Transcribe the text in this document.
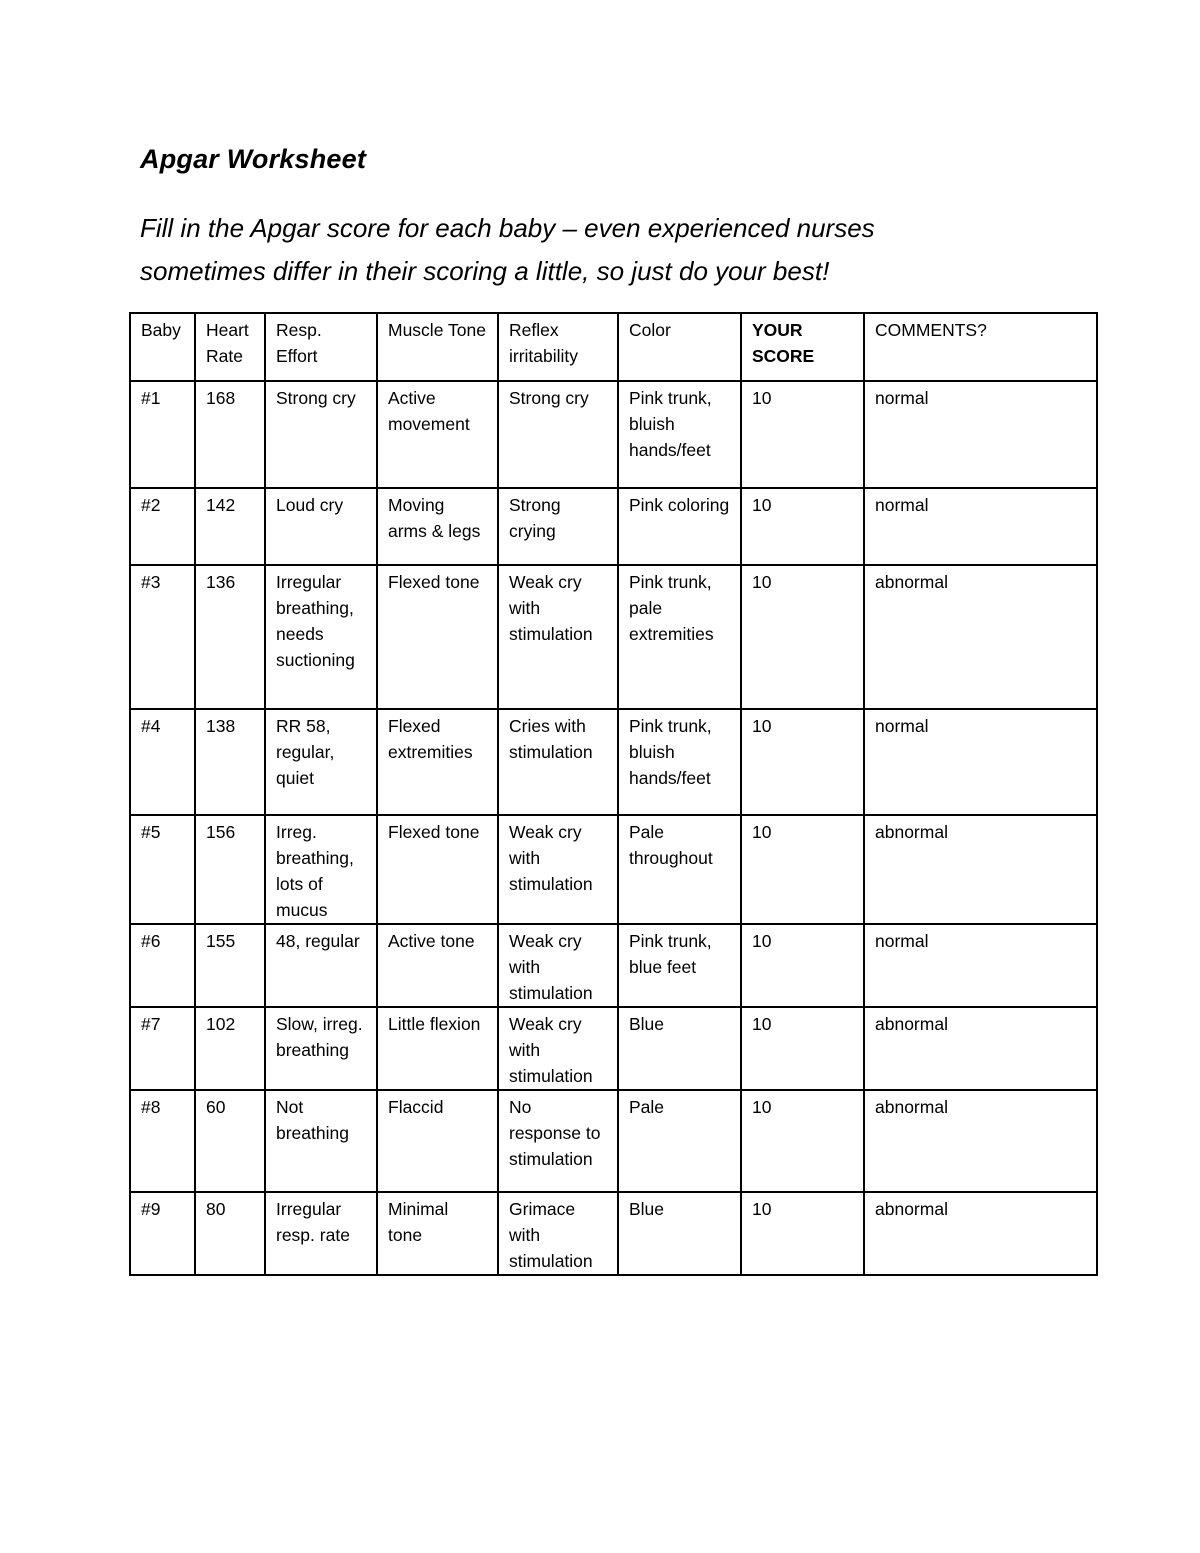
Apgar Worksheet
Fill in the Apgar score for each baby – even experienced nurses
sometimes differ in their scoring a little, so just do your best!
Baby	Heart Rate	Resp. Effort	Muscle Tone	Reflex irritability	Color	YOUR SCORE	COMMENTS?
#1	168	Strong cry	Active movement	Strong cry	Pink trunk, bluish hands/feet	10	normal
#2	142	Loud cry	Moving arms & legs	Strong crying	Pink coloring	10	normal
#3	136	Irregular breathing, needs suctioning	Flexed tone	Weak cry with stimulation	Pink trunk, pale extremities	10	abnormal
#4	138	RR 58, regular, quiet	Flexed extremities	Cries with stimulation	Pink trunk, bluish hands/feet	10	normal
#5	156	Irreg. breathing, lots of mucus	Flexed tone	Weak cry with stimulation	Pale throughout	10	abnormal
#6	155	48, regular	Active tone	Weak cry with stimulation	Pink trunk, blue feet	10	normal
#7	102	Slow, irreg. breathing	Little flexion	Weak cry with stimulation	Blue	10	abnormal
#8	60	Not breathing	Flaccid	No response to stimulation	Pale	10	abnormal
#9	80	Irregular resp. rate	Minimal tone	Grimace with stimulation	Blue	10	abnormal
